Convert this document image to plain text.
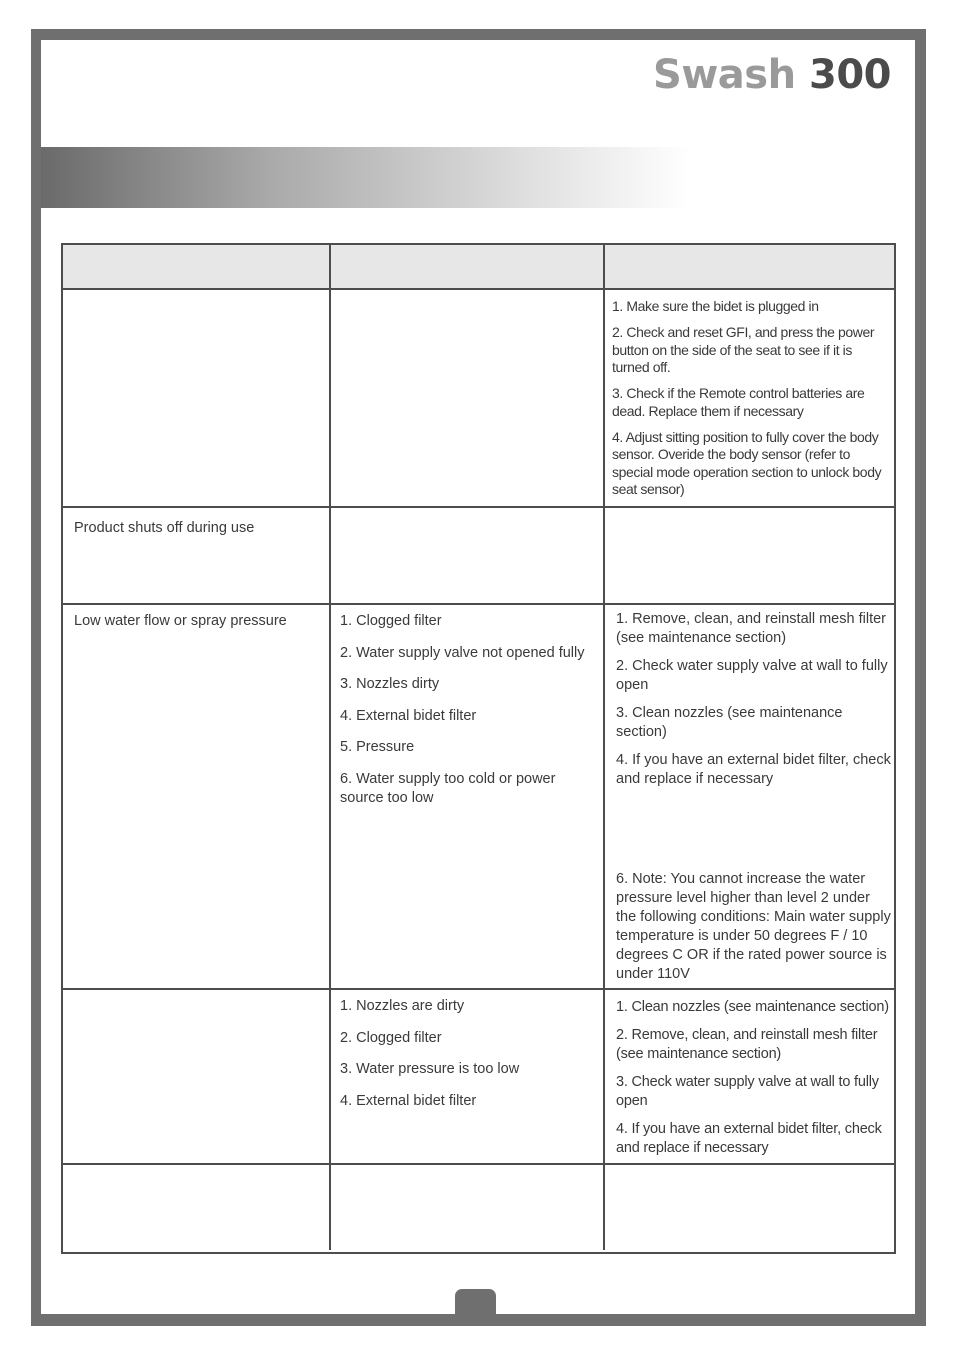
Swash 300

1. Make sure the bidet is plugged in

2. Check and reset GFI, and press the power button on the side of the seat to see if it is turned off.

3. Check if the Remote control batteries are dead. Replace them if necessary

4. Adjust sitting position to fully cover the body sensor. Overide the body sensor (refer to special mode operation section to unlock body seat sensor)

Product shuts off during use

Low water flow or spray pressure	1. Clogged filter

2. Water supply valve not opened fully

3. Nozzles dirty

4. External bidet filter

5. Pressure

6. Water supply too cold or power source too low

1. Remove, clean, and reinstall mesh filter (see maintenance section)

2. Check water supply valve at wall to fully open

3. Clean nozzles (see maintenance section)

4. If you have an external bidet filter, check and replace if necessary

6. Note: You cannot increase the water pressure level higher than level 2 under the following conditions: Main water supply temperature is under 50 degrees F / 10 degrees C OR if the rated power source is under 110V

1. Nozzles are dirty

2. Clogged filter

3. Water pressure is too low

4. External bidet filter

1. Clean nozzles (see maintenance section)

2. Remove, clean, and reinstall mesh filter (see maintenance section)

3. Check water supply valve at wall to fully open

4. If you have an external bidet filter, check and replace if necessary
